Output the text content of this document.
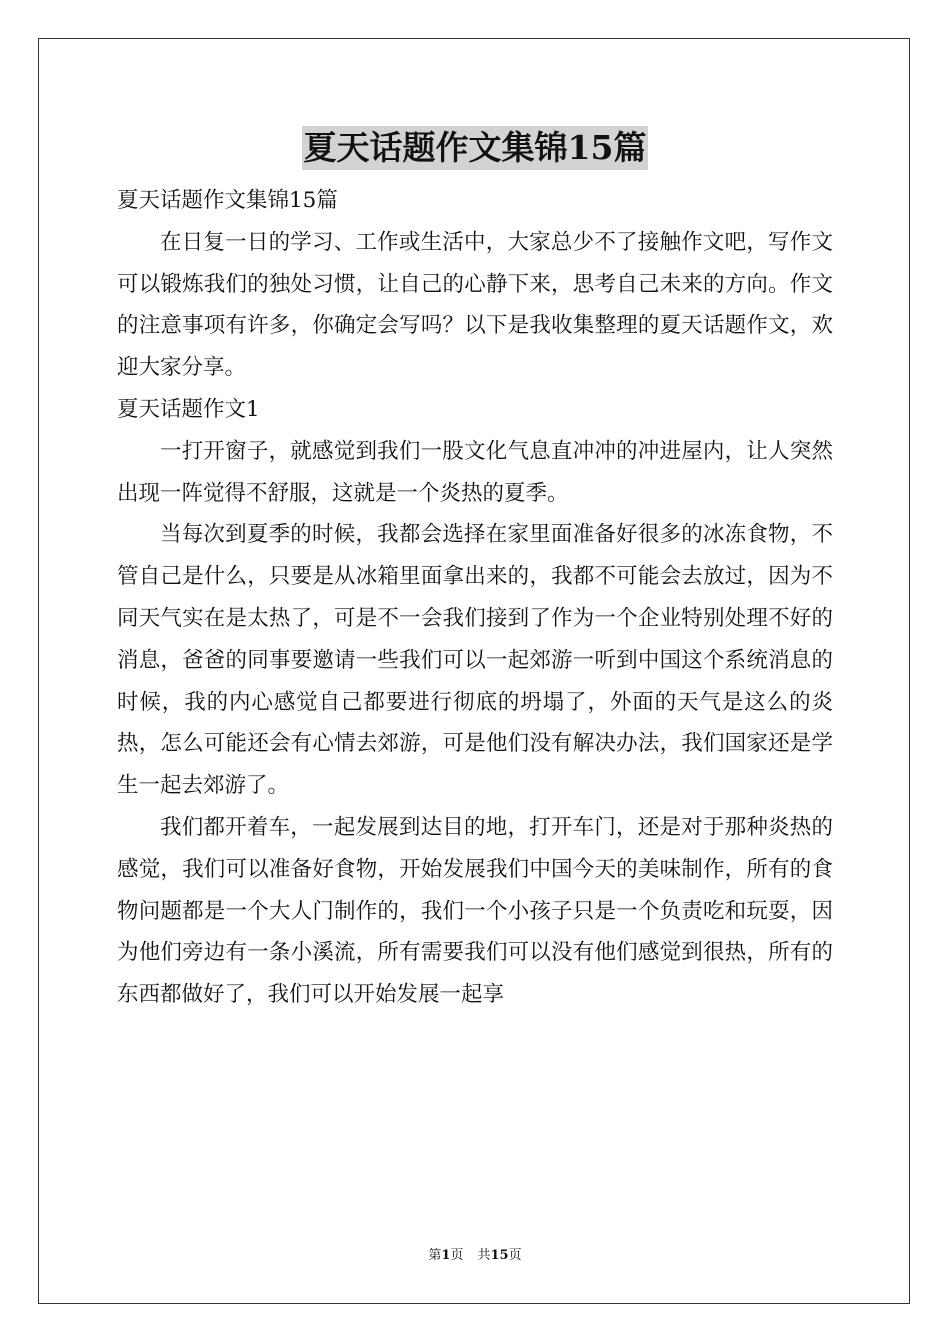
夏天话题作文集锦15篇

夏天话题作文集锦15篇

在日复一日的学习、工作或生活中，大家总少不了接触作文吧，写作文可以锻炼我们的独处习惯，让自己的心静下来，思考自己未来的方向。作文的注意事项有许多，你确定会写吗？以下是我收集整理的夏天话题作文，欢迎大家分享。

夏天话题作文1

一打开窗子，就感觉到我们一股文化气息直冲冲的冲进屋内，让人突然出现一阵觉得不舒服，这就是一个炎热的夏季。

当每次到夏季的时候，我都会选择在家里面准备好很多的冰冻食物，不管自己是什么，只要是从冰箱里面拿出来的，我都不可能会去放过，因为不同天气实在是太热了，可是不一会我们接到了作为一个企业特别处理不好的消息，爸爸的同事要邀请一些我们可以一起郊游一听到中国这个系统消息的时候，我的内心感觉自己都要进行彻底的坍塌了，外面的天气是这么的炎热，怎么可能还会有心情去郊游，可是他们没有解决办法，我们国家还是学生一起去郊游了。

我们都开着车，一起发展到达目的地，打开车门，还是对于那种炎热的感觉，我们可以准备好食物，开始发展我们中国今天的美味制作，所有的食物问题都是一个大人门制作的，我们一个小孩子只是一个负责吃和玩耍，因为他们旁边有一条小溪流，所有需要我们可以没有他们感觉到很热，所有的东西都做好了，我们可以开始发展一起享

第1页 共15页
